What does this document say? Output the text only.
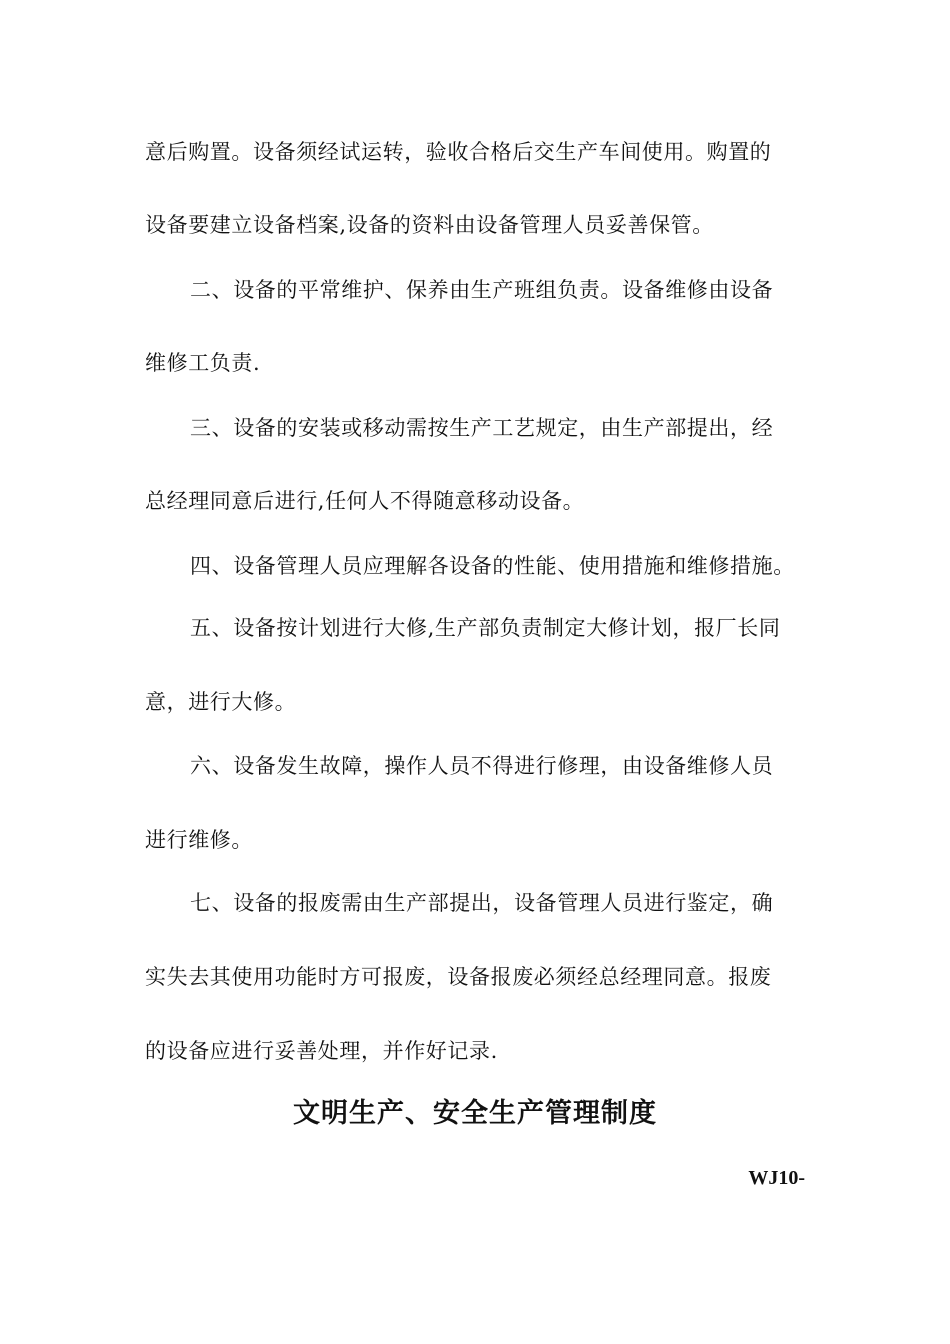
意后购置。设备须经试运转，验收合格后交生产车间使用。购置的
设备要建立设备档案,设备的资料由设备管理人员妥善保管。
二、设备的平常维护、保养由生产班组负责。设备维修由设备
维修工负责.
三、设备的安装或移动需按生产工艺规定，由生产部提出，经
总经理同意后进行,任何人不得随意移动设备。
四、设备管理人员应理解各设备的性能、使用措施和维修措施。
五、设备按计划进行大修,生产部负责制定大修计划，报厂长同
意，进行大修。
六、设备发生故障，操作人员不得进行修理，由设备维修人员
进行维修。
七、设备的报废需由生产部提出，设备管理人员进行鉴定，确
实失去其使用功能时方可报废，设备报废必须经总经理同意。报废
的设备应进行妥善处理，并作好记录.
文明生产、安全生产管理制度
WJ10-
